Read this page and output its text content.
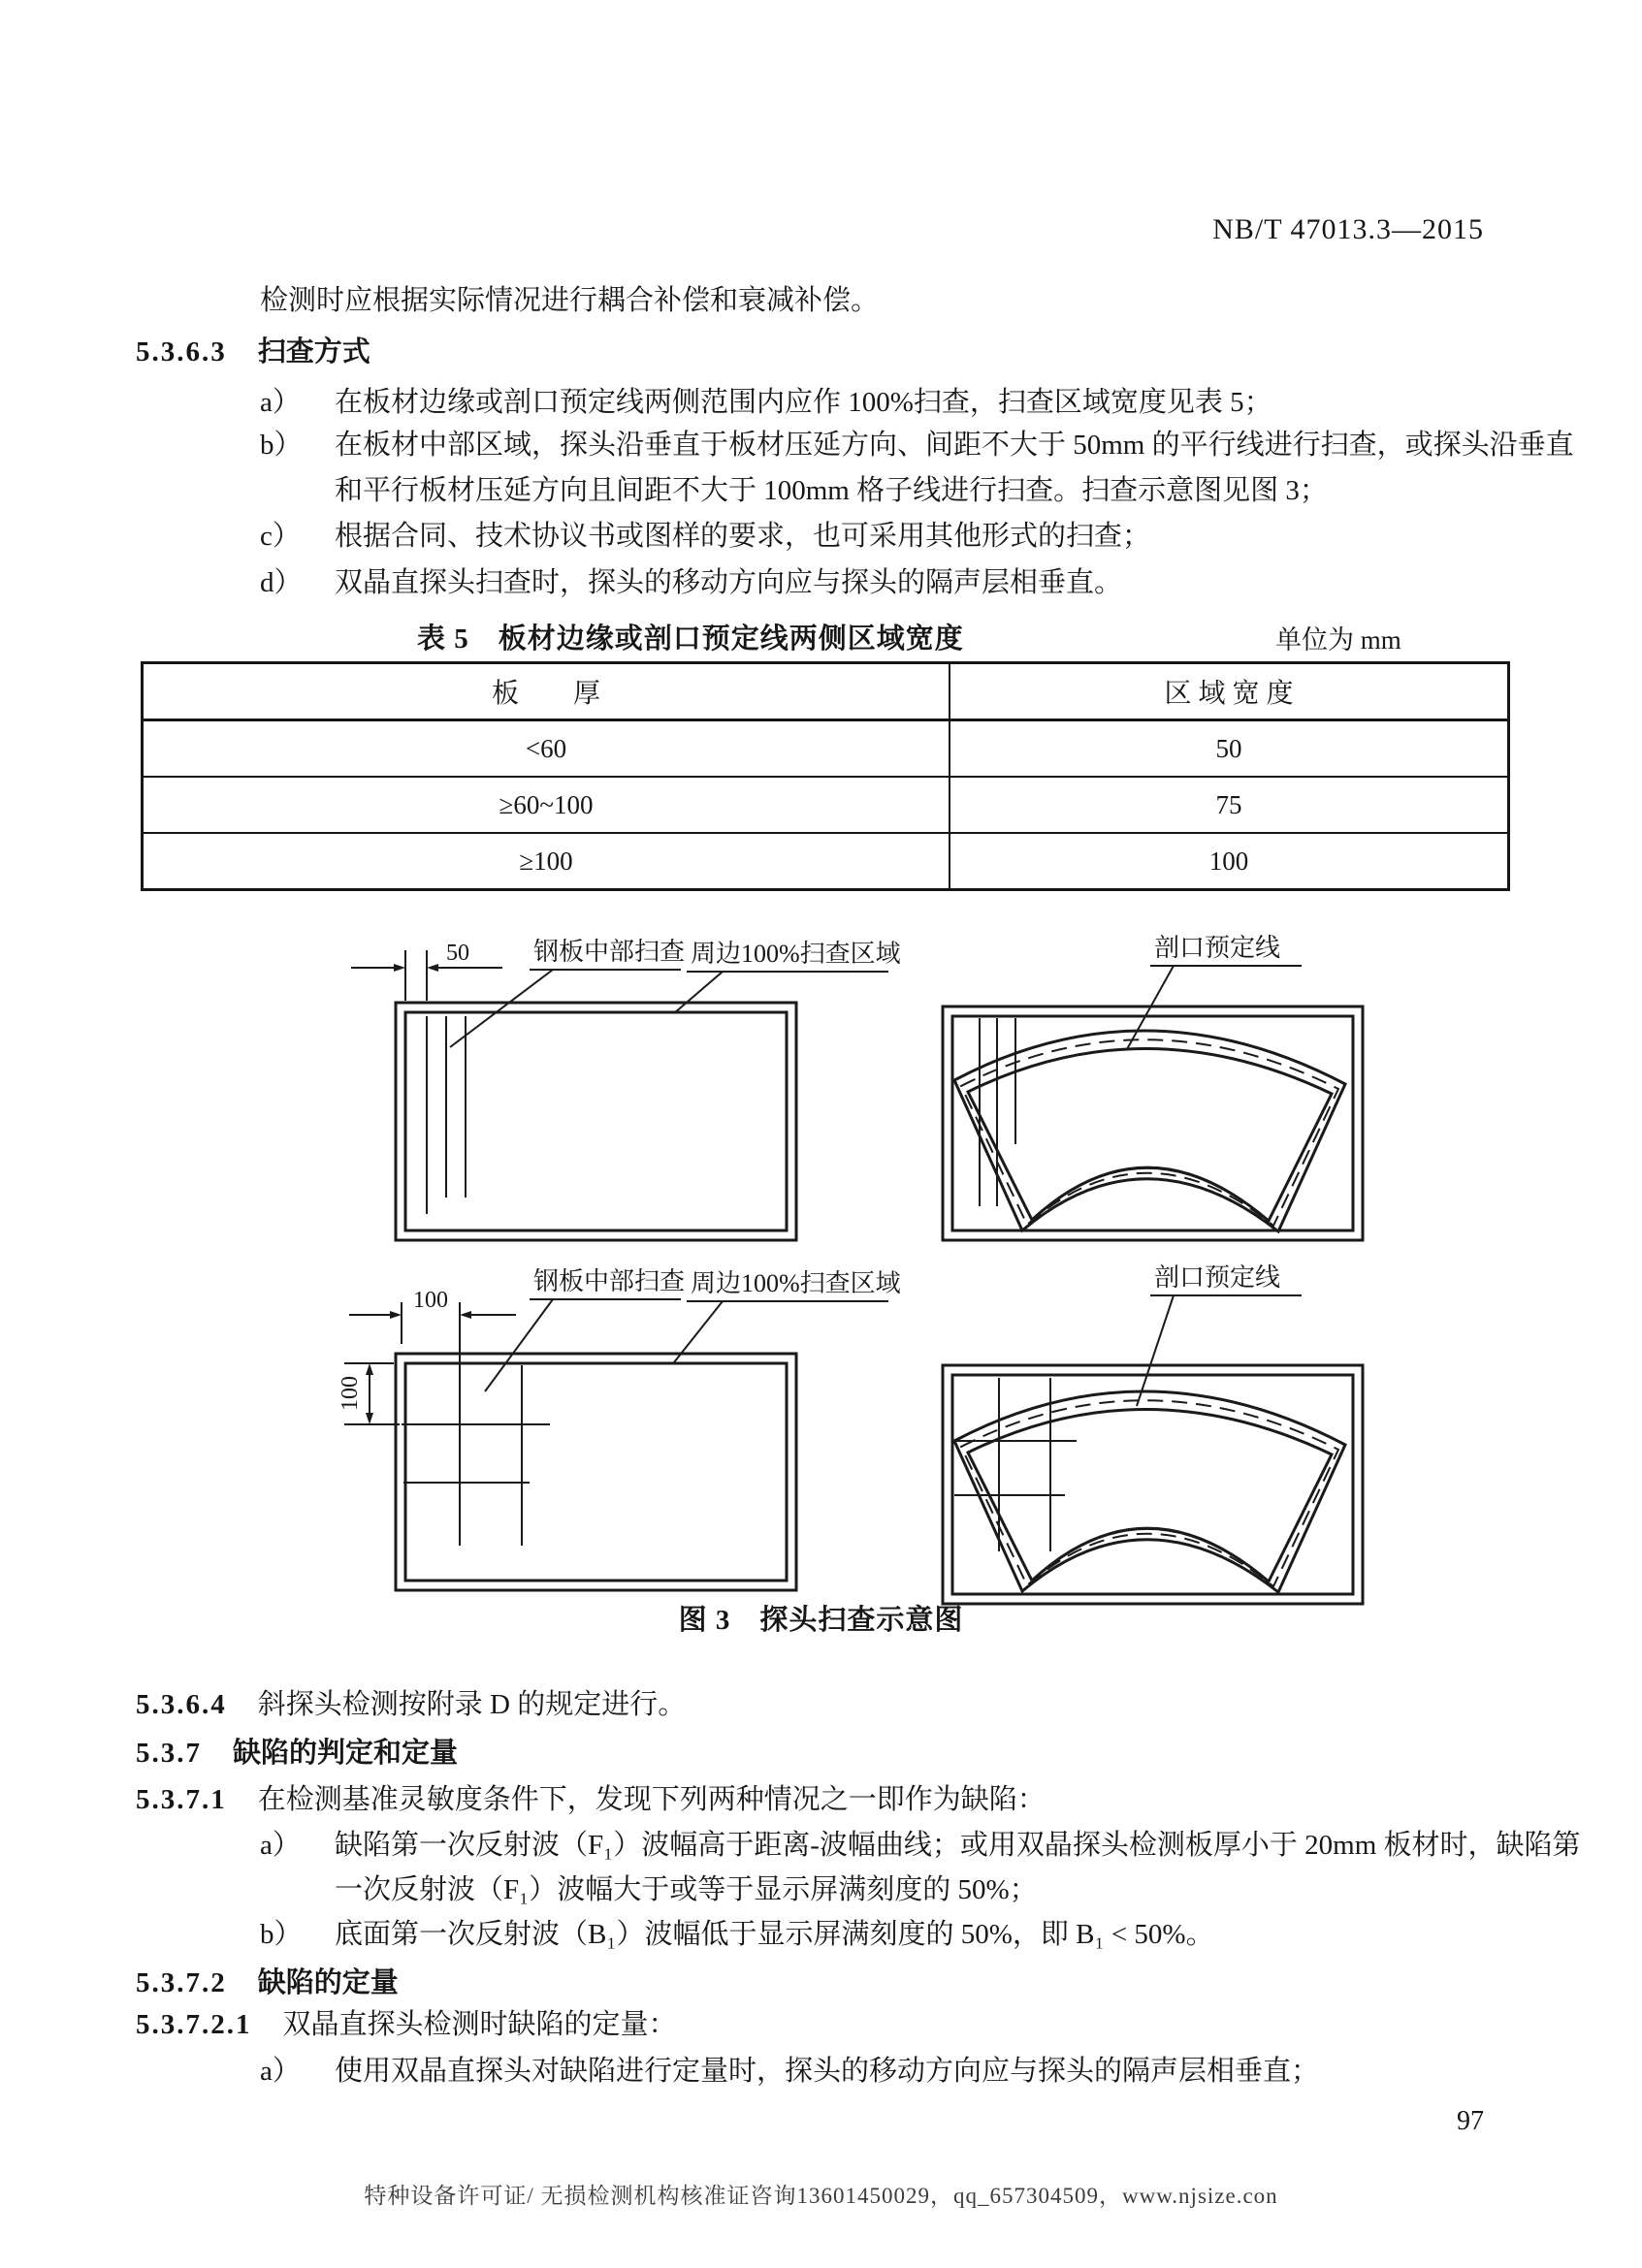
NB/T 47013.3—2015
检测时应根据实际情况进行耦合补偿和衰减补偿。
5.3.6.3 扫查方式
a） 在板材边缘或剖口预定线两侧范围内应作 100%扫查，扫查区域宽度见表 5；
b） 在板材中部区域，探头沿垂直于板材压延方向、间距不大于 50mm 的平行线进行扫查，或探头沿垂直和平行板材压延方向且间距不大于 100mm 格子线进行扫查。扫查示意图见图 3；
c） 根据合同、技术协议书或图样的要求，也可采用其他形式的扫查；
d） 双晶直探头扫查时，探头的移动方向应与探头的隔声层相垂直。
表 5　板材边缘或剖口预定线两侧区域宽度	单位为 mm
板　　厚	区 域 宽 度
<60	50
≥60~100	75
≥100	100
50	钢板中部扫查 周边100%扫查区域	剖口预定线
100
钢板中部扫查 周边100%扫查区域
100
剖口预定线
图 3　探头扫查示意图
5.3.6.4 斜探头检测按附录 D 的规定进行。
5.3.7 缺陷的判定和定量
5.3.7.1 在检测基准灵敏度条件下，发现下列两种情况之一即作为缺陷：
a） 缺陷第一次反射波（F₁）波幅高于距离-波幅曲线；或用双晶探头检测板厚小于 20mm 板材时，缺陷第一次反射波（F₁）波幅大于或等于显示屏满刻度的 50%；
b） 底面第一次反射波（B₁）波幅低于显示屏满刻度的 50%，即 B₁ < 50%。
5.3.7.2 缺陷的定量
5.3.7.2.1 双晶直探头检测时缺陷的定量：
a） 使用双晶直探头对缺陷进行定量时，探头的移动方向应与探头的隔声层相垂直；
97
特种设备许可证/ 无损检测机构核准证咨询13601450029，qq_657304509，www.njsize.con
